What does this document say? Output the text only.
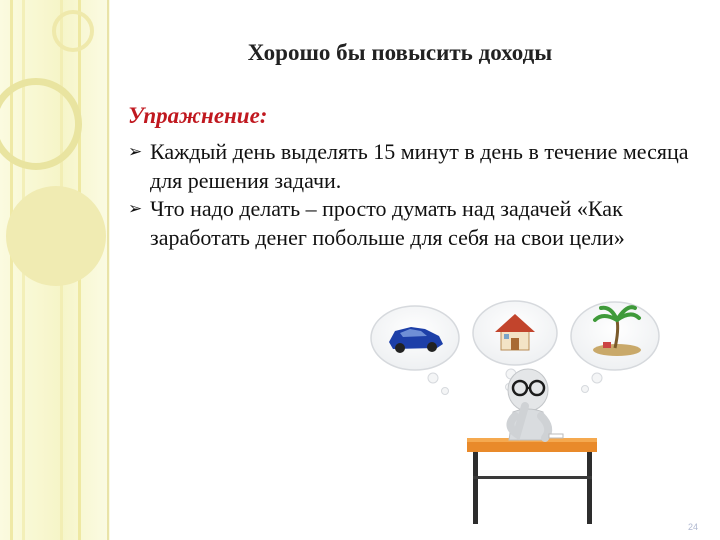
Хорошо бы повысить доходы
Упражнение:
➢ Каждый день выделять 15 минут в день в течение месяца для решения задачи.
➢ Что надо делать – просто думать над задачей «Как заработать денег побольше для себя на свои цели»
24
